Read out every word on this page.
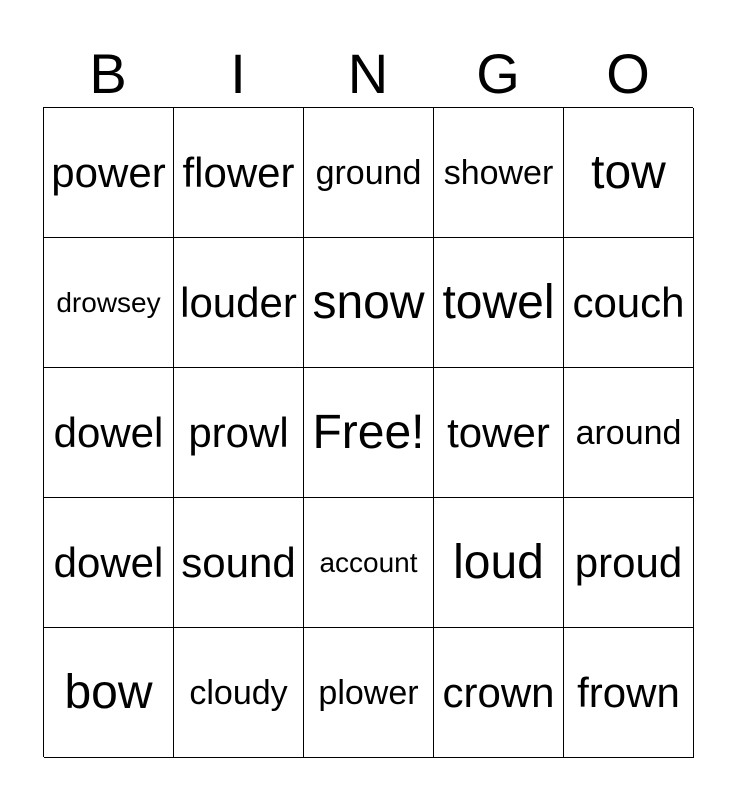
B	I	N	G	O
power flower ground shower tow
drowsey louder snow towel couch
dowel prowl Free! tower around
dowel sound account loud proud
bow cloudy plower crown frown
